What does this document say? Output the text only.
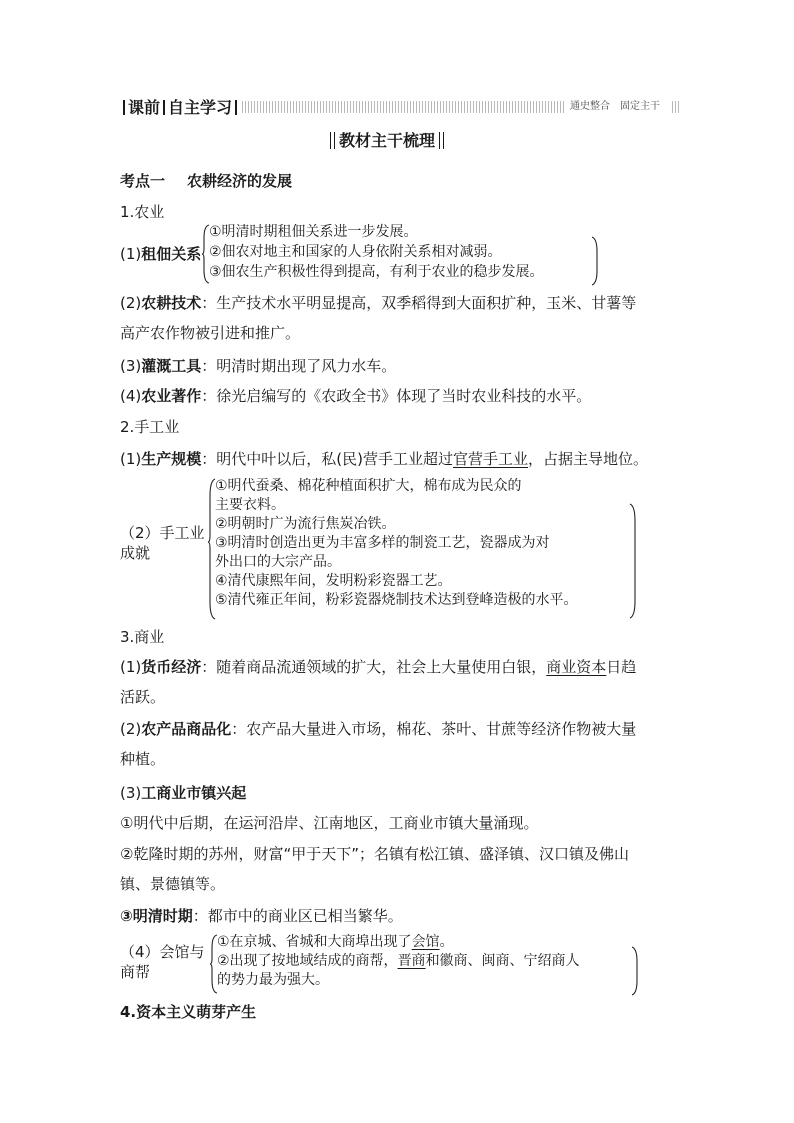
课前 自主学习	通史整合　固定主干
教材主干梳理
考点一 农耕经济的发展
1.农业
(1)租佃关系
①明清时期租佃关系进一步发展。
②佃农对地主和国家的人身依附关系相对减弱。
③佃农生产积极性得到提高，有利于农业的稳步发展。
(2)农耕技术：生产技术水平明显提高，双季稻得到大面积扩种，玉米、甘薯等
高产农作物被引进和推广。
(3)灌溉工具：明清时期出现了风力水车。
(4)农业著作：徐光启编写的《农政全书》体现了当时农业科技的水平。
2.手工业
(1)生产规模：明代中叶以后，私(民)营手工业超过官营手工业，占据主导地位。
（2）手工业
成就
①明代蚕桑、棉花种植面积扩大，棉布成为民众的
主要衣料。
②明朝时广为流行焦炭冶铁。
③明清时创造出更为丰富多样的制瓷工艺，瓷器成为对
外出口的大宗产品。
④清代康熙年间，发明粉彩瓷器工艺。
⑤清代雍正年间，粉彩瓷器烧制技术达到登峰造极的水平。
3.商业
(1)货币经济：随着商品流通领域的扩大，社会上大量使用白银，商业资本日趋
活跃。
(2)农产品商品化：农产品大量进入市场，棉花、茶叶、甘蔗等经济作物被大量
种植。
(3)工商业市镇兴起
①明代中后期，在运河沿岸、江南地区，工商业市镇大量涌现。
②乾隆时期的苏州，财富“甲于天下”；名镇有松江镇、盛泽镇、汉口镇及佛山
镇、景德镇等。
③明清时期：都市中的商业区已相当繁华。
（4）会馆与
商帮
①在京城、省城和大商埠出现了会馆。
②出现了按地域结成的商帮，晋商和徽商、闽商、宁绍商人
的势力最为强大。
4.资本主义萌芽产生
